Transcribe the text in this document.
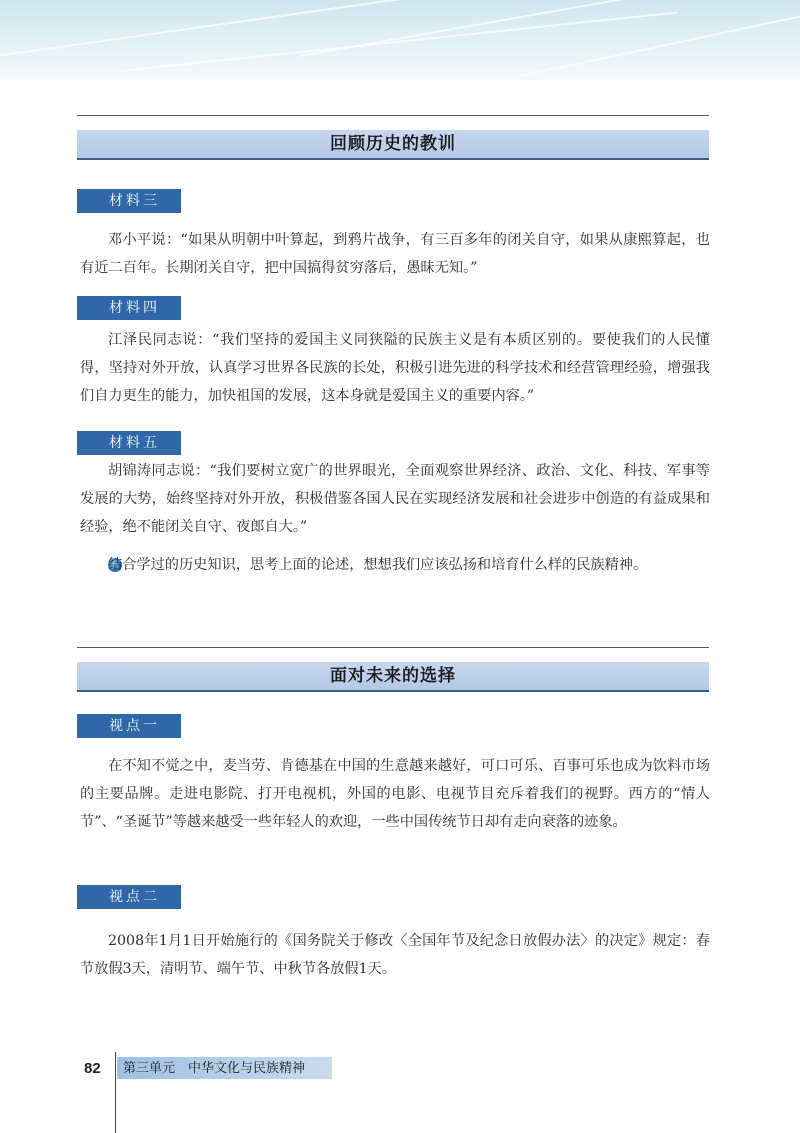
回顾历史的教训
材料三
邓小平说：“如果从明朝中叶算起，到鸦片战争，有三百多年的闭关自守，如果从康熙算起，也有近二百年。长期闭关自守，把中国搞得贫穷落后，愚昧无知。”
材料四
江泽民同志说：“我们坚持的爱国主义同狭隘的民族主义是有本质区别的。要使我们的人民懂得，坚持对外开放，认真学习世界各民族的长处，积极引进先进的科学技术和经营管理经验，增强我们自力更生的能力，加快祖国的发展，这本身就是爱国主义的重要内容。”
材料五
胡锦涛同志说：“我们要树立宽广的世界眼光，全面观察世界经济、政治、文化、科技、军事等发展的大势，始终坚持对外开放，积极借鉴各国人民在实现经济发展和社会进步中创造的有益成果和经验，绝不能闭关自守、夜郎自大。”
结合学过的历史知识，思考上面的论述，想想我们应该弘扬和培育什么样的民族精神。
面对未来的选择
视点一
在不知不觉之中，麦当劳、肯德基在中国的生意越来越好，可口可乐、百事可乐也成为饮料市场的主要品牌。走进电影院、打开电视机，外国的电影、电视节目充斥着我们的视野。西方的“情人节”、“圣诞节”等越来越受一些年轻人的欢迎，一些中国传统节日却有走向衰落的迹象。
视点二
2008年1月1日开始施行的《国务院关于修改〈全国年节及纪念日放假办法〉的决定》规定：春节放假3天，清明节、端午节、中秋节各放假1天。
82	第三单元　中华文化与民族精神
